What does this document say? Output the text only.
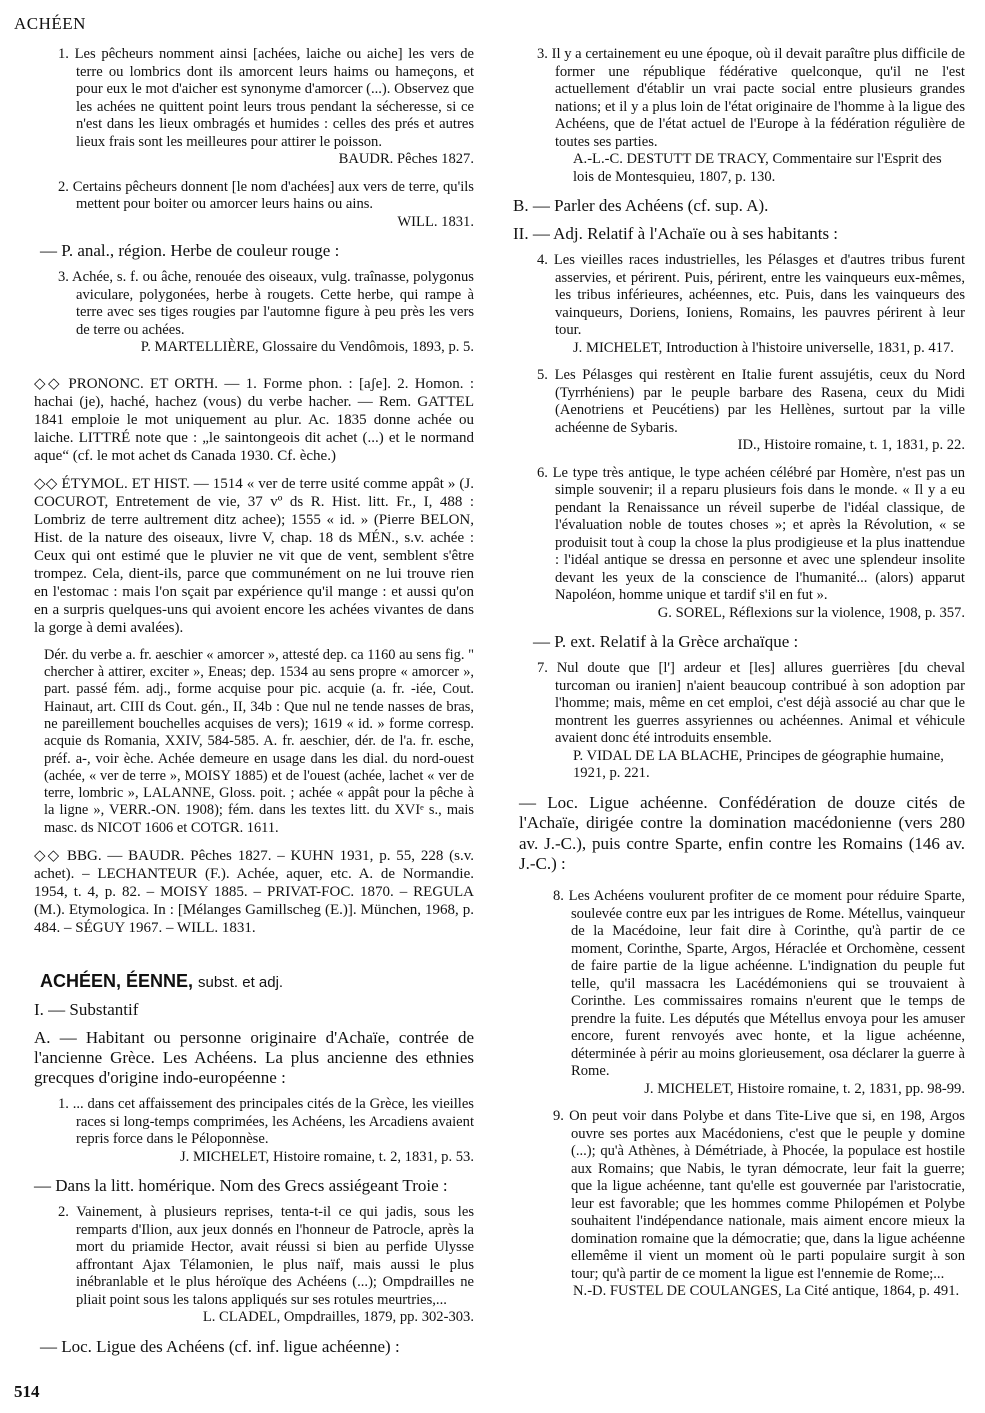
ACHÉEN

1. Les pêcheurs nomment ainsi [achées, laiche ou aiche] les vers de terre ou lombrics dont ils amorcent leurs haims ou hameçons, et pour eux le mot d'aicher est synonyme d'amorcer (...). Observez que les achées ne quittent point leurs trous pendant la sécheresse, si ce n'est dans les lieux ombragés et humides : celles des prés et autres lieux frais sont les meilleures pour attirer le poisson.

BAUDR. Pêches 1827.

2. Certains pêcheurs donnent [le nom d'achées] aux vers de terre, qu'ils mettent pour boiter ou amorcer leurs hains ou ains.

WILL. 1831.
— P. anal., région. Herbe de couleur rouge :

3. Achée, s. f. ou âche, renouée des oiseaux, vulg. traînasse, polygonus aviculare, polygonées, herbe à rougets. Cette herbe, qui rampe à terre avec ses tiges rougies par l'automne figure à peu près les vers de terre ou achées.

P. MARTELLIÈRE, Glossaire du Vendômois, 1893, p. 5.

◇◇ PRONONC. ET ORTH. — 1. Forme phon. : [aʃe]. 2. Homon. : hachai (je), haché, hachez (vous) du verbe hacher. — Rem. GATTEL 1841 emploie le mot uniquement au plur. Ac. 1835 donne achée ou laiche. LITTRÉ note que : „le saintongeois dit achet (...) et le normand aque“ (cf. le mot achet ds Canada 1930. Cf. èche.)

◇◇ ÉTYMOL. ET HIST. — 1514 « ver de terre usité comme appât » (J. COCUROT, Entretement de vie, 37 vº ds R. Hist. litt. Fr., I, 488 : Lombriz de terre aultrement ditz achee); 1555 « id. » (Pierre BELON, Hist. de la nature des oiseaux, livre V, chap. 18 ds MÉN., s.v. achée : Ceux qui ont estimé que le pluvier ne vit que de vent, semblent s'être trompez. Cela, dient-ils, parce que communément on ne lui trouve rien en l'estomac : mais l'on sçait par expérience qu'il mange : et aussi qu'on en a surpris quelques-uns qui avoient encore les achées vivantes de dans la gorge à demi avalées).

Dér. du verbe a. fr. aeschier « amorcer », attesté dep. ca 1160 au sens fig. " chercher à attirer, exciter », Eneas; dep. 1534 au sens propre « amorcer », part. passé fém. adj., forme acquise pour pic. acquie (a. fr. -iée, Cout. Hainaut, art. CIII ds Cout. gén., II, 34b : Que nul ne tende nasses de bras, ne pareillement bouchelles acquises de vers); 1619 « id. » forme corresp. acquie ds Romania, XXIV, 584-585. A. fr. aeschier, dér. de l'a. fr. esche, préf. a-, voir èche. Achée demeure en usage dans les dial. du nord-ouest (achée, « ver de terre », MOISY 1885) et de l'ouest (achée, lachet « ver de terre, lombric », LALANNE, Gloss. poit. ; achée « appât pour la pêche à la ligne », VERR.-ON. 1908); fém. dans les textes litt. du XVIᵉ s., mais masc. ds NICOT 1606 et COTGR. 1611.

◇◇ BBG. — BAUDR. Pêches 1827. – KUHN 1931, p. 55, 228 (s.v. achet). – LECHANTEUR (F.). Achée, aquer, etc. A. de Normandie. 1954, t. 4, p. 82. – MOISY 1885. – PRIVAT-FOC. 1870. – REGULA (M.). Etymologica. In : [Mélanges Gamillscheg (E.)]. München, 1968, p. 484. – SÉGUY 1967. – WILL. 1831.

ACHÉEN, ÉENNE, subst. et adj.
I. — Substantif

A. — Habitant ou personne originaire d'Achaïe, contrée de l'ancienne Grèce. Les Achéens. La plus ancienne des ethnies grecques d'origine indo-européenne :

1. ... dans cet affaissement des principales cités de la Grèce, les vieilles races si long-temps comprimées, les Achéens, les Arcadiens avaient repris force dans le Péloponnèse.

J. MICHELET, Histoire romaine, t. 2, 1831, p. 53.

— Dans la litt. homérique. Nom des Grecs assiégeant Troie :

2. Vainement, à plusieurs reprises, tenta-t-il ce qui jadis, sous les remparts d'Ilion, aux jeux donnés en l'honneur de Patrocle, après la mort du priamide Hector, avait réussi si bien au perfide Ulysse affrontant Ajax Télamonien, le plus naïf, mais aussi le plus inébranlable et le plus héroïque des Achéens (...); Ompdrailles ne pliait point sous les talons appliqués sur ses rotules meurtries,...

L. CLADEL, Ompdrailles, 1879, pp. 302-303.
— Loc. Ligue des Achéens (cf. inf. ligue achéenne) :

3. Il y a certainement eu une époque, où il devait paraître plus difficile de former une république fédérative quelconque, qu'il ne l'est actuellement d'établir un vrai pacte social entre plusieurs grandes nations; et il y a plus loin de l'état originaire de l'homme à la ligue des Achéens, que de l'état actuel de l'Europe à la fédération régulière de toutes ses parties.

A.-L.-C. DESTUTT DE TRACY, Commentaire sur l'Esprit des lois de Montesquieu, 1807, p. 130.
B. — Parler des Achéens (cf. sup. A).
II. — Adj. Relatif à l'Achaïe ou à ses habitants :

4. Les vieilles races industrielles, les Pélasges et d'autres tribus furent asservies, et périrent. Puis, périrent, entre les vainqueurs eux-mêmes, les tribus inférieures, achéennes, etc. Puis, dans les vainqueurs des vainqueurs, Doriens, Ioniens, Romains, les pauvres périrent à leur tour.

J. MICHELET, Introduction à l'histoire universelle, 1831, p. 417.

5. Les Pélasges qui restèrent en Italie furent assujétis, ceux du Nord (Tyrrhéniens) par le peuple barbare des Rasena, ceux du Midi (Aenotriens et Peucétiens) par les Hellènes, surtout par la ville achéenne de Sybaris.

ID., Histoire romaine, t. 1, 1831, p. 22.

6. Le type très antique, le type achéen célébré par Homère, n'est pas un simple souvenir; il a reparu plusieurs fois dans le monde. « Il y a eu pendant la Renaissance un réveil superbe de l'idéal classique, de l'évaluation noble de toutes choses »; et après la Révolution, « se produisit tout à coup la chose la plus prodigieuse et la plus inattendue : l'idéal antique se dressa en personne et avec une splendeur insolite devant les yeux de la conscience de l'humanité... (alors) apparut Napoléon, homme unique et tardif s'il en fut ».

G. SOREL, Réflexions sur la violence, 1908, p. 357.
— P. ext. Relatif à la Grèce archaïque :

7. Nul doute que [l'] ardeur et [les] allures guerrières [du cheval turcoman ou iranien] n'aient beaucoup contribué à son adoption par l'homme; mais, même en cet emploi, c'est déjà associé au char que le montrent les guerres assyriennes ou achéennes. Animal et véhicule avaient donc été introduits ensemble.

P. VIDAL DE LA BLACHE, Principes de géographie humaine, 1921, p. 221.

— Loc. Ligue achéenne. Confédération de douze cités de l'Achaïe, dirigée contre la domination macédonienne (vers 280 av. J.-C.), puis contre Sparte, enfin contre les Romains (146 av. J.-C.) :

8. Les Achéens voulurent profiter de ce moment pour réduire Sparte, soulevée contre eux par les intrigues de Rome. Métellus, vainqueur de la Macédoine, leur fait dire à Corinthe, qu'à partir de ce moment, Corinthe, Sparte, Argos, Héraclée et Orchomène, cessent de faire partie de la ligue achéenne. L'indignation du peuple fut telle, qu'il massacra les Lacédémoniens qui se trouvaient à Corinthe. Les commissaires romains n'eurent que le temps de prendre la fuite. Les députés que Métellus envoya pour les amuser encore, furent renvoyés avec honte, et la ligue achéenne, déterminée à périr au moins glorieusement, osa déclarer la guerre à Rome.

J. MICHELET, Histoire romaine, t. 2, 1831, pp. 98-99.

9. On peut voir dans Polybe et dans Tite-Live que si, en 198, Argos ouvre ses portes aux Macédoniens, c'est que le peuple y domine (...); qu'à Athènes, à Démétriade, à Phocée, la populace est hostile aux Romains; que Nabis, le tyran démocrate, leur fait la guerre; que la ligue achéenne, tant qu'elle est gouvernée par l'aristocratie, leur est favorable; que les hommes comme Philopémen et Polybe souhaitent l'indépendance nationale, mais aiment encore mieux la domination romaine que la démocratie; que, dans la ligue achéenne ellemême il vient un moment où le parti populaire surgit à son tour; qu'à partir de ce moment la ligue est l'ennemie de Rome;...

N.-D. FUSTEL DE COULANGES, La Cité antique, 1864, p. 491.
514
